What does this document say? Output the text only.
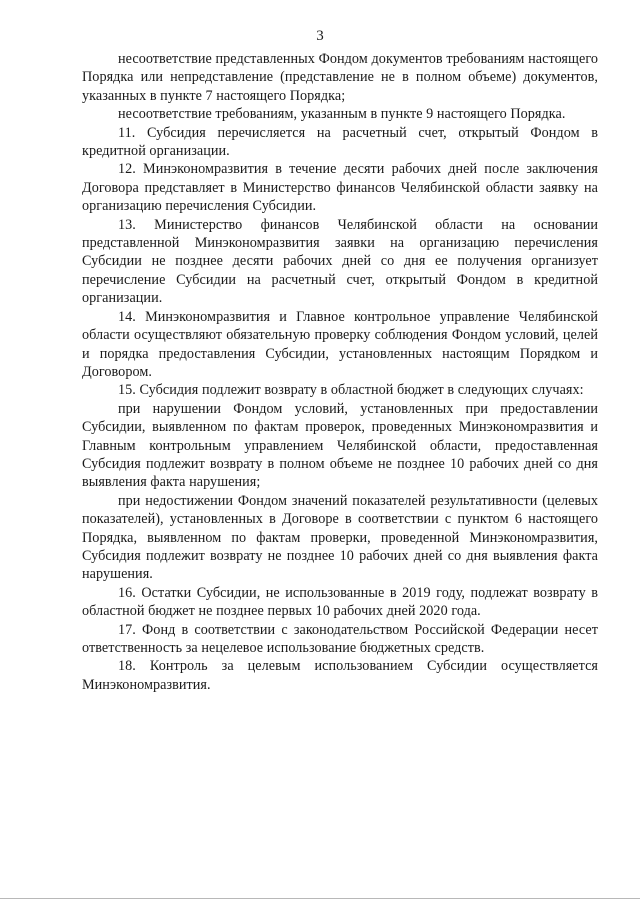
3

несоответствие представленных Фондом документов требованиям настоящего Порядка или непредставление (представление не в полном объеме) документов, указанных в пункте 7 настоящего Порядка;

несоответствие требованиям, указанным в пункте 9 настоящего Порядка.

11. Субсидия перечисляется на расчетный счет, открытый Фондом в кредитной организации.

12. Минэкономразвития в течение десяти рабочих дней после заключения Договора представляет в Министерство финансов Челябинской области заявку на организацию перечисления Субсидии.

13. Министерство финансов Челябинской области на основании представленной Минэкономразвития заявки на организацию перечисления Субсидии не позднее десяти рабочих дней со дня ее получения организует перечисление Субсидии на расчетный счет, открытый Фондом в кредитной организации.

14. Минэкономразвития и Главное контрольное управление Челябинской области осуществляют обязательную проверку соблюдения Фондом условий, целей и порядка предоставления Субсидии, установленных настоящим Порядком и Договором.

15. Субсидия подлежит возврату в областной бюджет в следующих случаях:

при нарушении Фондом условий, установленных при предоставлении Субсидии, выявленном по фактам проверок, проведенных Минэкономразвития и Главным контрольным управлением Челябинской области, предоставленная Субсидия подлежит возврату в полном объеме не позднее 10 рабочих дней со дня выявления факта нарушения;

при недостижении Фондом значений показателей результативности (целевых показателей), установленных в Договоре в соответствии с пунктом 6 настоящего Порядка, выявленном по фактам проверки, проведенной Минэкономразвития, Субсидия подлежит возврату не позднее 10 рабочих дней со дня выявления факта нарушения.

16. Остатки Субсидии, не использованные в 2019 году, подлежат возврату в областной бюджет не позднее первых 10 рабочих дней 2020 года.

17. Фонд в соответствии с законодательством Российской Федерации несет ответственность за нецелевое использование бюджетных средств.

18. Контроль за целевым использованием Субсидии осуществляется Минэкономразвития.
